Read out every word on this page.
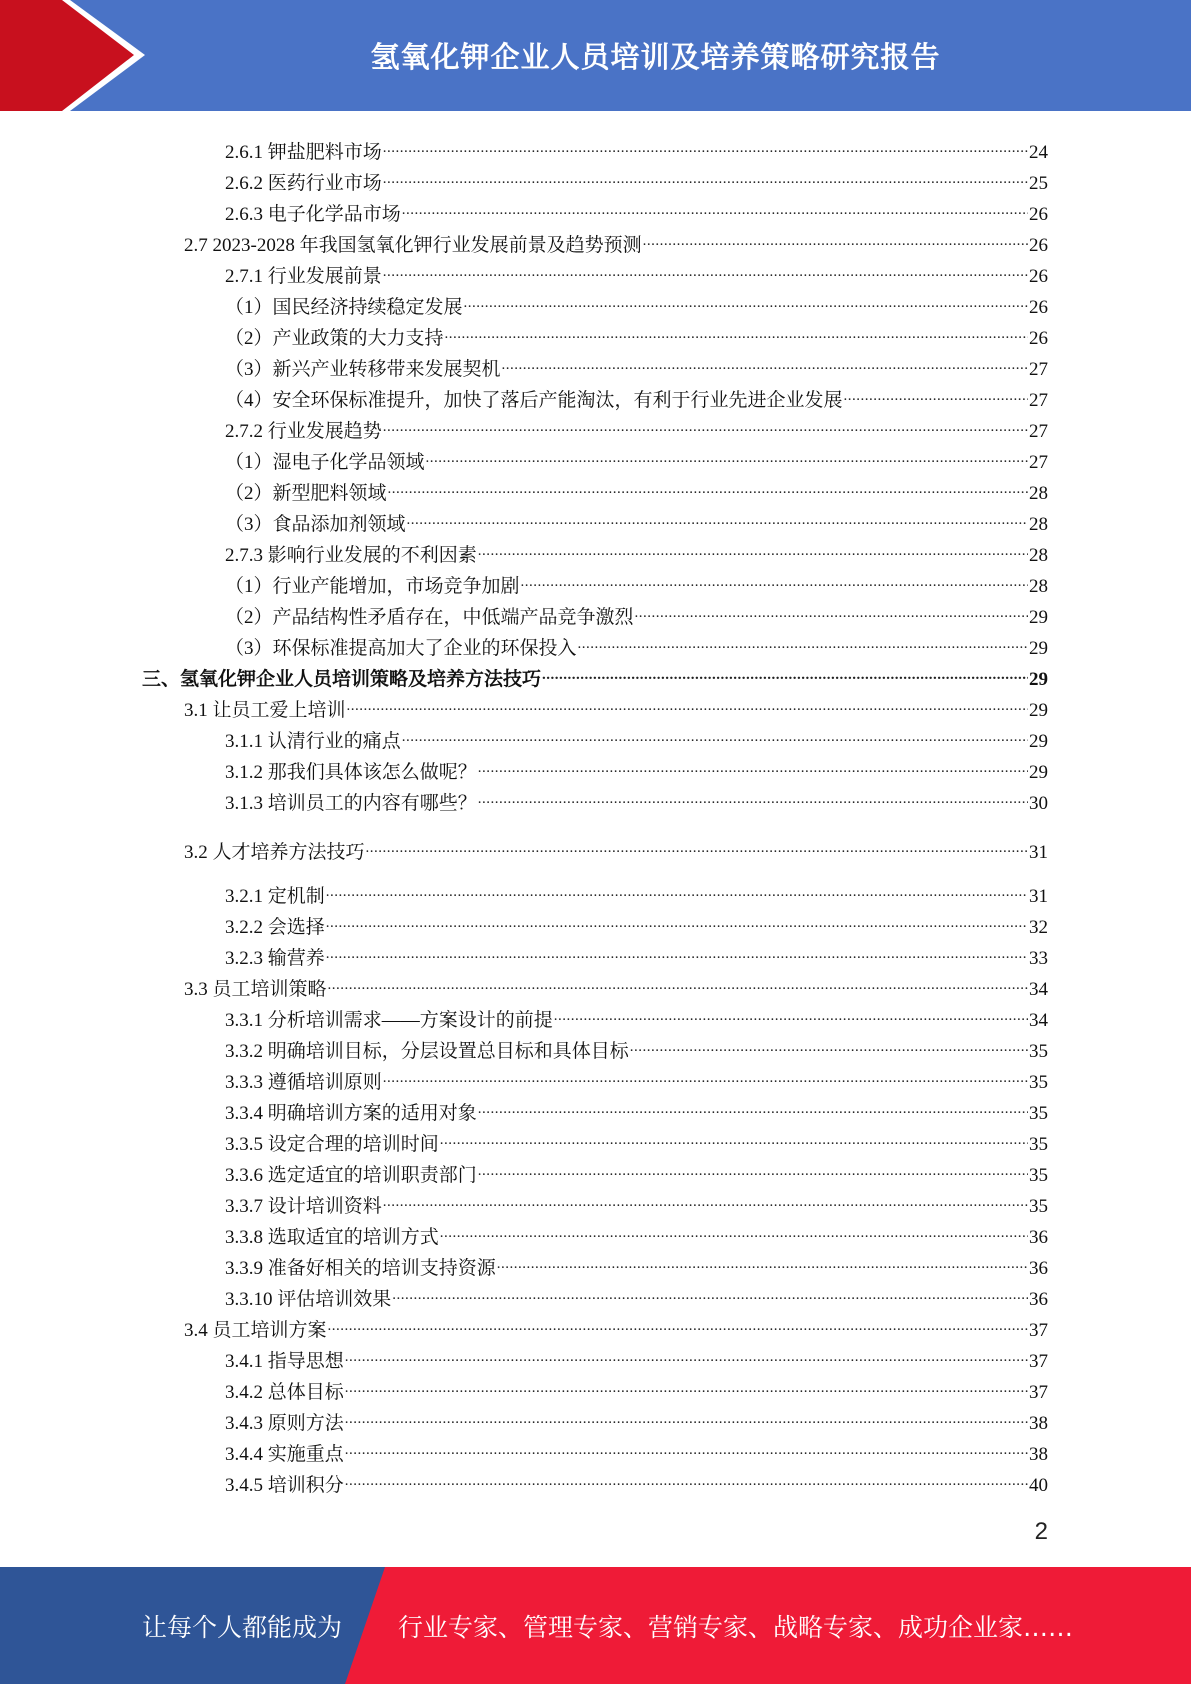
氢氧化钾企业人员培训及培养策略研究报告
2.6.1 钾盐肥料市场 .....	24
2.6.2 医药行业市场 .....	25
2.6.3 电子化学品市场 .....	26
2.7 2023-2028 年我国氢氧化钾行业发展前景及趋势预测 .....	26
2.7.1 行业发展前景 .....	26
（1）国民经济持续稳定发展 .....	26
（2）产业政策的大力支持 .....	26
（3）新兴产业转移带来发展契机 .....	27
（4）安全环保标准提升，加快了落后产能淘汰，有利于行业先进企业发展 .....	27
2.7.2 行业发展趋势 .....	27
（1）湿电子化学品领域 .....	27
（2）新型肥料领域 .....	28
（3）食品添加剂领域 .....	28
2.7.3 影响行业发展的不利因素 .....	28
（1）行业产能增加，市场竞争加剧 .....	28
（2）产品结构性矛盾存在，中低端产品竞争激烈 .....	29
（3）环保标准提高加大了企业的环保投入 .....	29
三、氢氧化钾企业人员培训策略及培养方法技巧 .....	29
3.1 让员工爱上培训 .....	29
3.1.1 认清行业的痛点 .....	29
3.1.2 那我们具体该怎么做呢？ .....	29
3.1.3 培训员工的内容有哪些？ .....	30
3.2 人才培养方法技巧 .....	31
3.2.1 定机制 .....	31
3.2.2 会选择 .....	32
3.2.3 输营养 .....	33
3.3 员工培训策略 .....	34
3.3.1 分析培训需求——方案设计的前提 .....	34
3.3.2 明确培训目标，分层设置总目标和具体目标 .....	35
3.3.3 遵循培训原则 .....	35
3.3.4 明确培训方案的适用对象 .....	35
3.3.5 设定合理的培训时间 .....	35
3.3.6 选定适宜的培训职责部门 .....	35
3.3.7 设计培训资料 .....	35
3.3.8 选取适宜的培训方式 .....	36
3.3.9 准备好相关的培训支持资源 .....	36
3.3.10 评估培训效果 .....	36
3.4 员工培训方案 .....	37
3.4.1 指导思想 .....	37
3.4.2 总体目标 .....	37
3.4.3 原则方法 .....	38
3.4.4 实施重点 .....	38
3.4.5 培训积分 .....	40
2
让每个人都能成为 行业专家、管理专家、营销专家、战略专家、成功企业家……
